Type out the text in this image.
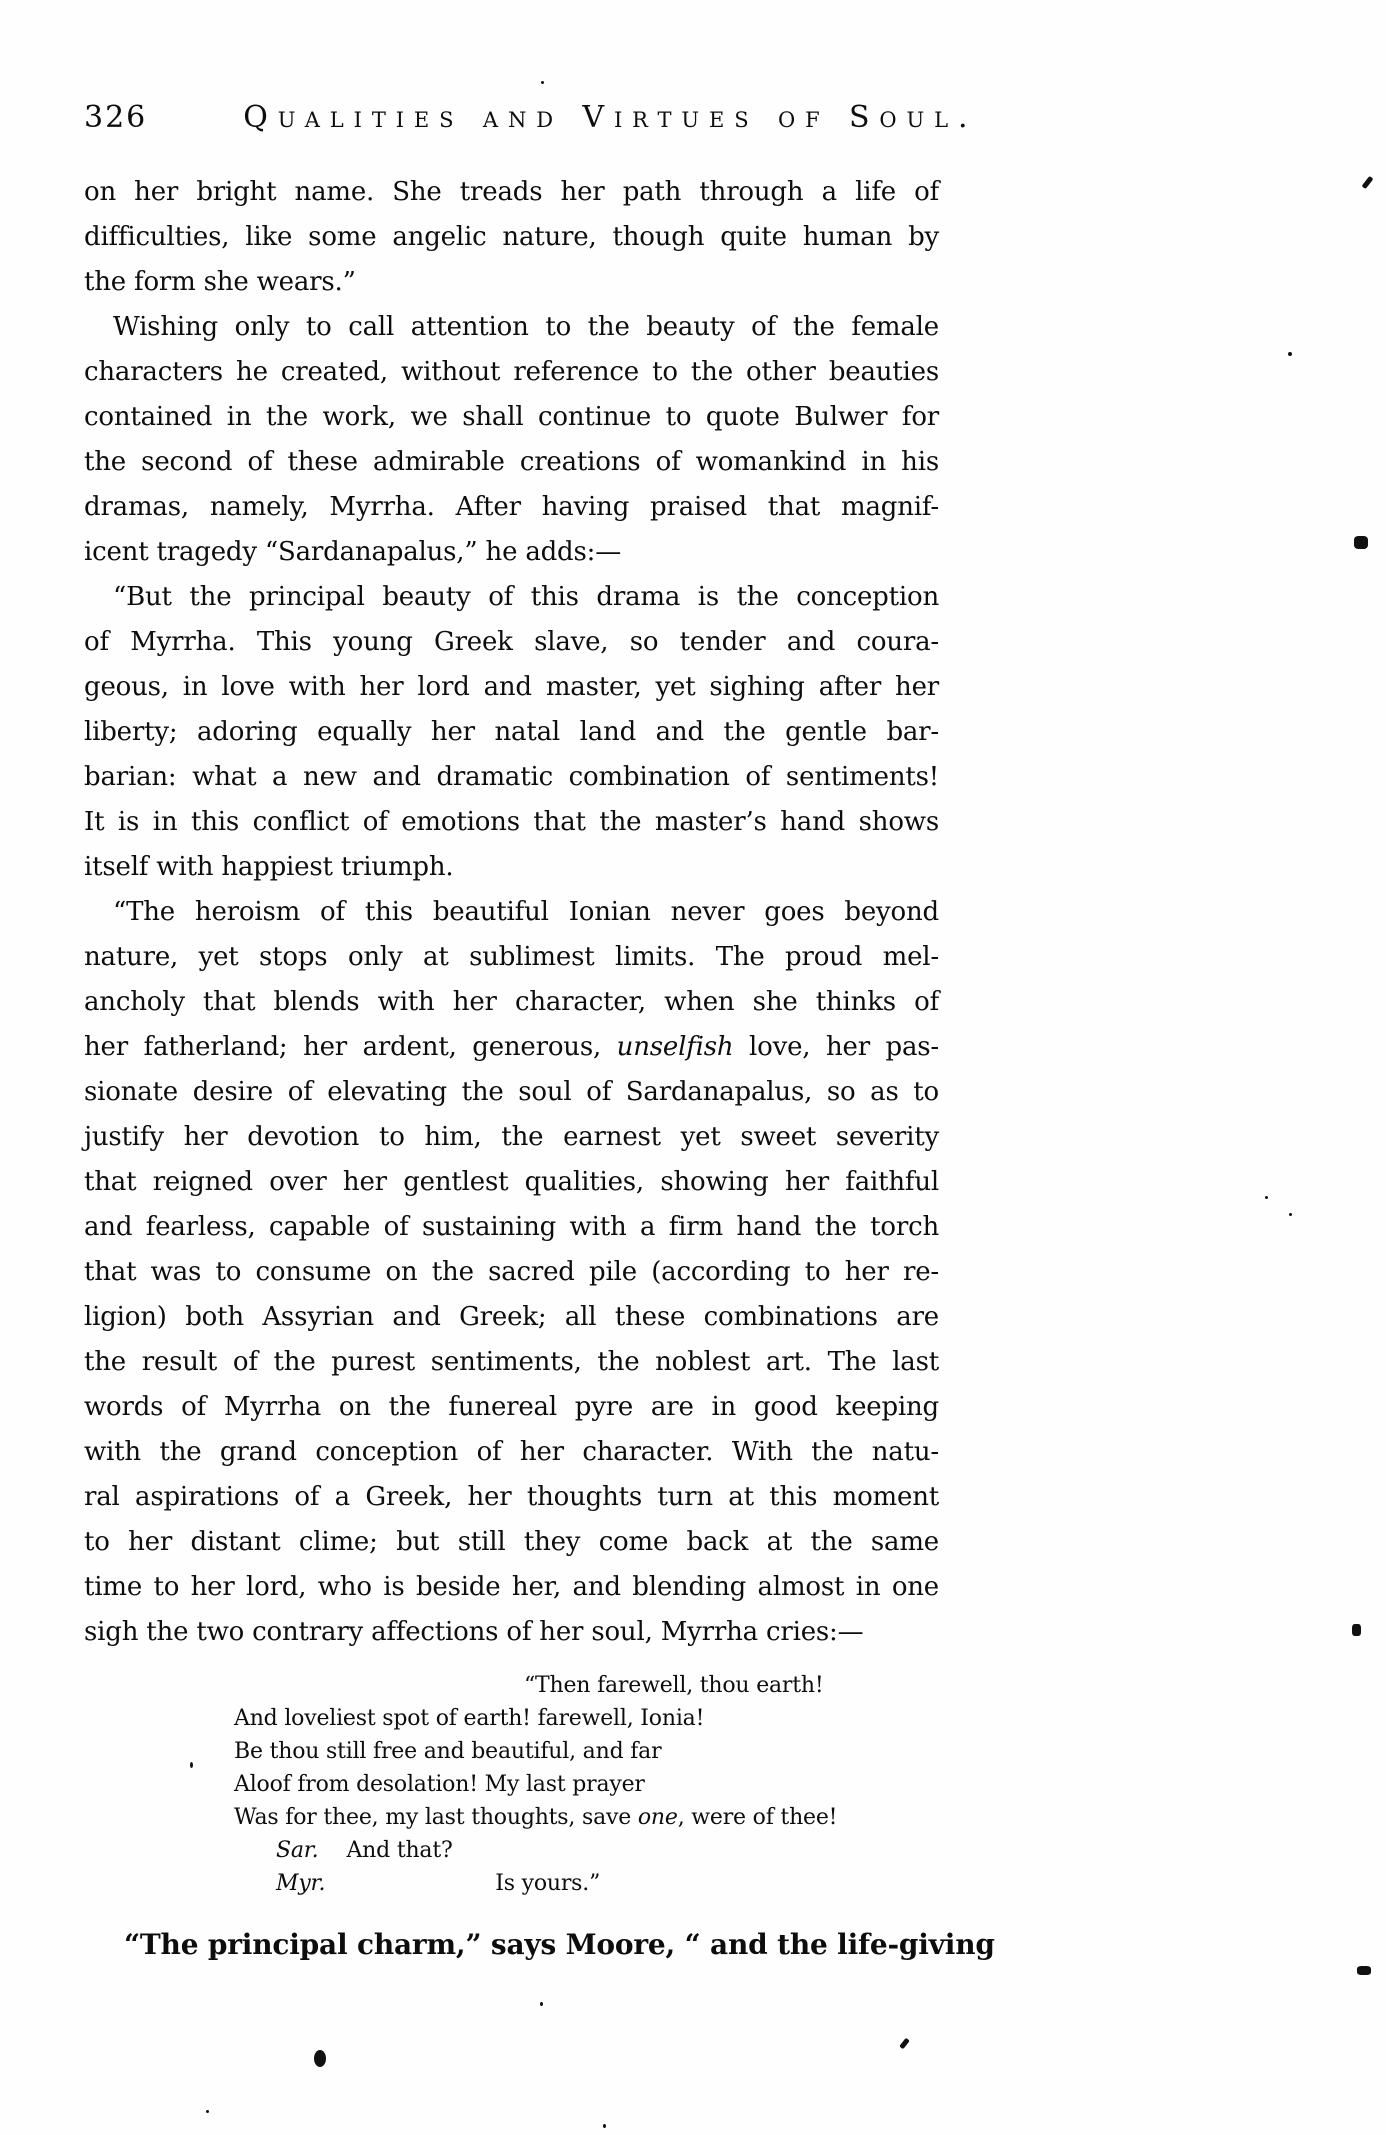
326	Qualities and Virtues of Soul.
on her bright name. She treads her path through a life of
difficulties, like some angelic nature, though quite human by
the form she wears.”
Wishing only to call attention to the beauty of the female
characters he created, without reference to the other beauties
contained in the work, we shall continue to quote Bulwer for
the second of these admirable creations of womankind in his
dramas, namely, Myrrha. After having praised that magnif-
icent tragedy “Sardanapalus,” he adds:—
“But the principal beauty of this drama is the conception
of Myrrha. This young Greek slave, so tender and coura-
geous, in love with her lord and master, yet sighing after her
liberty; adoring equally her natal land and the gentle bar-
barian: what a new and dramatic combination of sentiments!
It is in this conflict of emotions that the master’s hand shows
itself with happiest triumph.
“The heroism of this beautiful Ionian never goes beyond
nature, yet stops only at sublimest limits. The proud mel-
ancholy that blends with her character, when she thinks of
her fatherland; her ardent, generous, unselfish love, her pas-
sionate desire of elevating the soul of Sardanapalus, so as to
justify her devotion to him, the earnest yet sweet severity
that reigned over her gentlest qualities, showing her faithful
and fearless, capable of sustaining with a firm hand the torch
that was to consume on the sacred pile (according to her re-
ligion) both Assyrian and Greek; all these combinations are
the result of the purest sentiments, the noblest art. The last
words of Myrrha on the funereal pyre are in good keeping
with the grand conception of her character. With the natu-
ral aspirations of a Greek, her thoughts turn at this moment
to her distant clime; but still they come back at the same
time to her lord, who is beside her, and blending almost in one
sigh the two contrary affections of her soul, Myrrha cries:—
“Then farewell, thou earth!
And loveliest spot of earth! farewell, Ionia!
Be thou still free and beautiful, and far
Aloof from desolation! My last prayer
Was for thee, my last thoughts, save one, were of thee!
Sar. And that?
Myr.	Is yours.”

“The principal charm,” says Moore, “ and the life-giving
